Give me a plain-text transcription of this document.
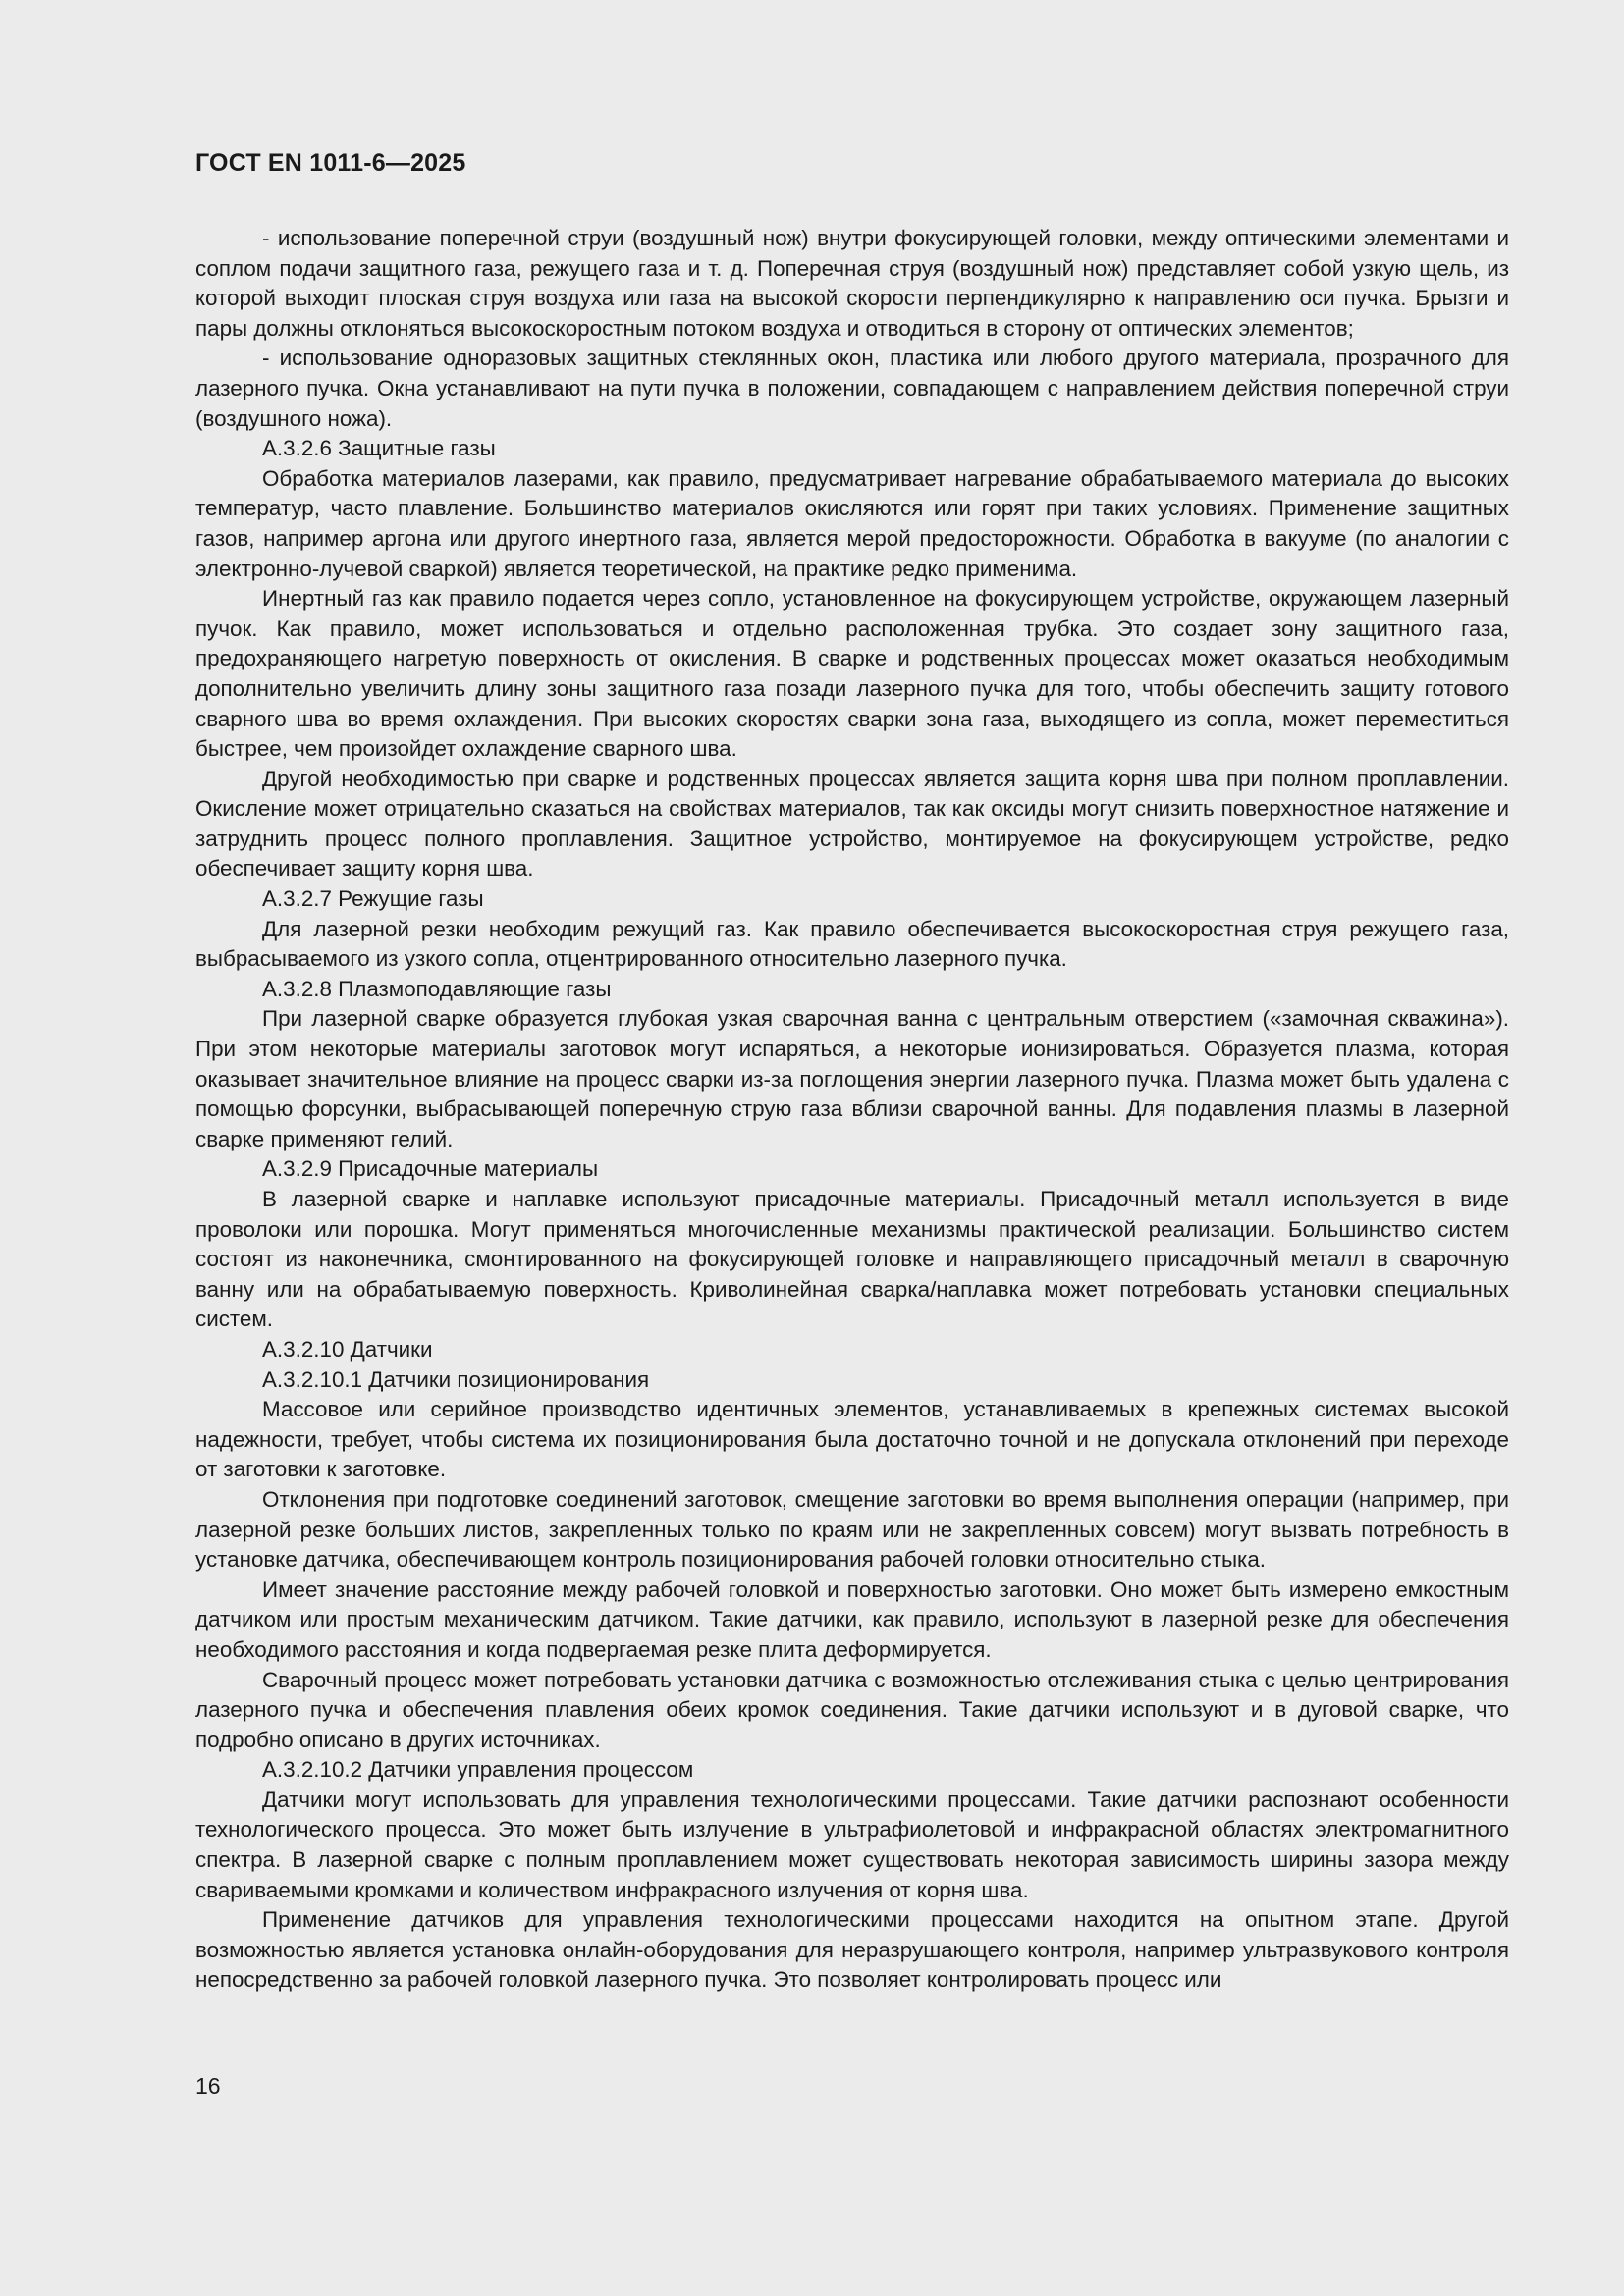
ГОСТ EN 1011-6—2025

- использование поперечной струи (воздушный нож) внутри фокусирующей головки, между оптическими элементами и соплом подачи защитного газа, режущего газа и т. д. Поперечная струя (воздушный нож) представляет собой узкую щель, из которой выходит плоская струя воздуха или газа на высокой скорости перпендикулярно к направлению оси пучка. Брызги и пары должны отклоняться высокоскоростным потоком воздуха и отводиться в сторону от оптических элементов;

- использование одноразовых защитных стеклянных окон, пластика или любого другого материала, прозрачного для лазерного пучка. Окна устанавливают на пути пучка в положении, совпадающем с направлением действия поперечной струи (воздушного ножа).

А.3.2.6 Защитные газы

Обработка материалов лазерами, как правило, предусматривает нагревание обрабатываемого материала до высоких температур, часто плавление. Большинство материалов окисляются или горят при таких условиях. Применение защитных газов, например аргона или другого инертного газа, является мерой предосторожности. Обработка в вакууме (по аналогии с электронно-лучевой сваркой) является теоретической, на практике редко применима.

Инертный газ как правило подается через сопло, установленное на фокусирующем устройстве, окружающем лазерный пучок. Как правило, может использоваться и отдельно расположенная трубка. Это создает зону защитного газа, предохраняющего нагретую поверхность от окисления. В сварке и родственных процессах может оказаться необходимым дополнительно увеличить длину зоны защитного газа позади лазерного пучка для того, чтобы обеспечить защиту готового сварного шва во время охлаждения. При высоких скоростях сварки зона газа, выходящего из сопла, может переместиться быстрее, чем произойдет охлаждение сварного шва.

Другой необходимостью при сварке и родственных процессах является защита корня шва при полном проплавлении. Окисление может отрицательно сказаться на свойствах материалов, так как оксиды могут снизить поверхностное натяжение и затруднить процесс полного проплавления. Защитное устройство, монтируемое на фокусирующем устройстве, редко обеспечивает защиту корня шва.

А.3.2.7 Режущие газы

Для лазерной резки необходим режущий газ. Как правило обеспечивается высокоскоростная струя режущего газа, выбрасываемого из узкого сопла, отцентрированного относительно лазерного пучка.

А.3.2.8 Плазмоподавляющие газы

При лазерной сварке образуется глубокая узкая сварочная ванна с центральным отверстием («замочная скважина»). При этом некоторые материалы заготовок могут испаряться, а некоторые ионизироваться. Образуется плазма, которая оказывает значительное влияние на процесс сварки из-за поглощения энергии лазерного пучка. Плазма может быть удалена с помощью форсунки, выбрасывающей поперечную струю газа вблизи сварочной ванны. Для подавления плазмы в лазерной сварке применяют гелий.

А.3.2.9 Присадочные материалы

В лазерной сварке и наплавке используют присадочные материалы. Присадочный металл используется в виде проволоки или порошка. Могут применяться многочисленные механизмы практической реализации. Большинство систем состоят из наконечника, смонтированного на фокусирующей головке и направляющего присадочный металл в сварочную ванну или на обрабатываемую поверхность. Криволинейная сварка/наплавка может потребовать установки специальных систем.

А.3.2.10 Датчики

А.3.2.10.1 Датчики позиционирования

Массовое или серийное производство идентичных элементов, устанавливаемых в крепежных системах высокой надежности, требует, чтобы система их позиционирования была достаточно точной и не допускала отклонений при переходе от заготовки к заготовке.

Отклонения при подготовке соединений заготовок, смещение заготовки во время выполнения операции (например, при лазерной резке больших листов, закрепленных только по краям или не закрепленных совсем) могут вызвать потребность в установке датчика, обеспечивающем контроль позиционирования рабочей головки относительно стыка.

Имеет значение расстояние между рабочей головкой и поверхностью заготовки. Оно может быть измерено емкостным датчиком или простым механическим датчиком. Такие датчики, как правило, используют в лазерной резке для обеспечения необходимого расстояния и когда подвергаемая резке плита деформируется.

Сварочный процесс может потребовать установки датчика с возможностью отслеживания стыка с целью центрирования лазерного пучка и обеспечения плавления обеих кромок соединения. Такие датчики используют и в дуговой сварке, что подробно описано в других источниках.

А.3.2.10.2 Датчики управления процессом

Датчики могут использовать для управления технологическими процессами. Такие датчики распознают особенности технологического процесса. Это может быть излучение в ультрафиолетовой и инфракрасной областях электромагнитного спектра. В лазерной сварке с полным проплавлением может существовать некоторая зависимость ширины зазора между свариваемыми кромками и количеством инфракрасного излучения от корня шва.

Применение датчиков для управления технологическими процессами находится на опытном этапе. Другой возможностью является установка онлайн-оборудования для неразрушающего контроля, например ультразвукового контроля непосредственно за рабочей головкой лазерного пучка. Это позволяет контролировать процесс или

16
